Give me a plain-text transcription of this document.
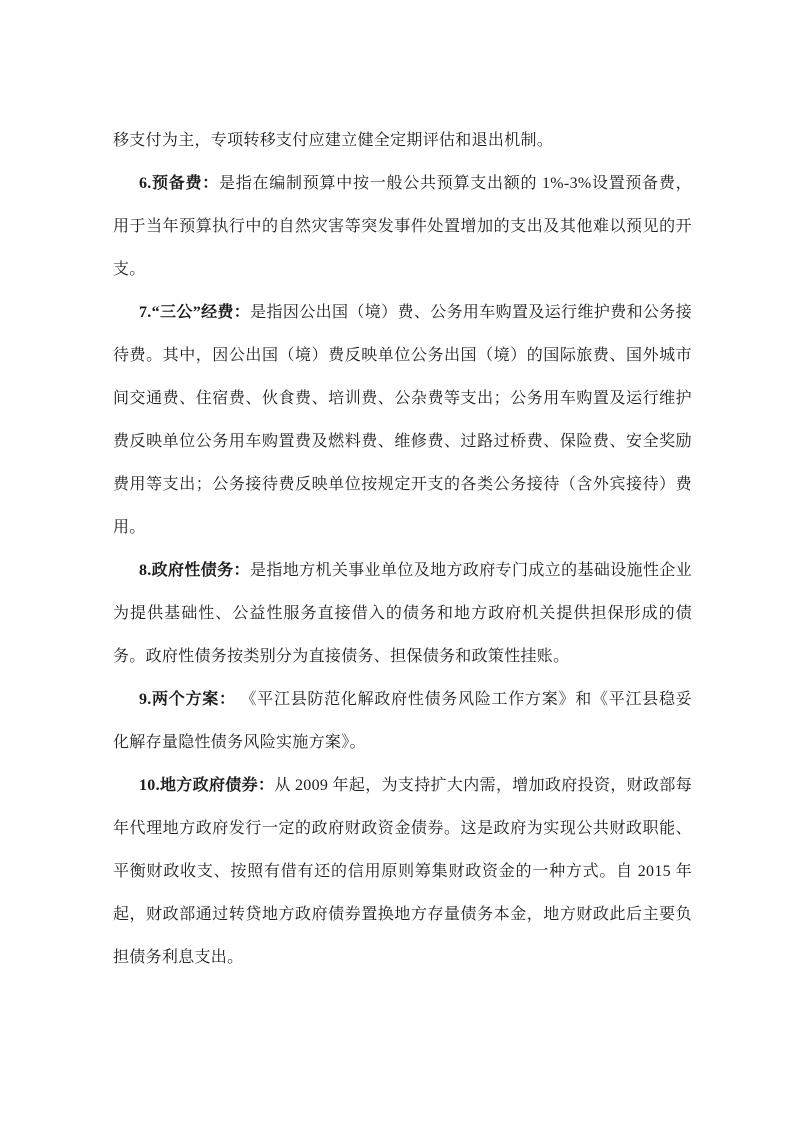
移支付为主，专项转移支付应建立健全定期评估和退出机制。

6.预备费：是指在编制预算中按一般公共预算支出额的 1%-3%设置预备费，用于当年预算执行中的自然灾害等突发事件处置增加的支出及其他难以预见的开支。

7.“三公”经费：是指因公出国（境）费、公务用车购置及运行维护费和公务接待费。其中，因公出国（境）费反映单位公务出国（境）的国际旅费、国外城市间交通费、住宿费、伙食费、培训费、公杂费等支出；公务用车购置及运行维护费反映单位公务用车购置费及燃料费、维修费、过路过桥费、保险费、安全奖励费用等支出；公务接待费反映单位按规定开支的各类公务接待（含外宾接待）费用。

8.政府性债务：是指地方机关事业单位及地方政府专门成立的基础设施性企业为提供基础性、公益性服务直接借入的债务和地方政府机关提供担保形成的债务。政府性债务按类别分为直接债务、担保债务和政策性挂账。

9.两个方案： 《平江县防范化解政府性债务风险工作方案》和《平江县稳妥化解存量隐性债务风险实施方案》。

10.地方政府债券：从 2009 年起，为支持扩大内需，增加政府投资，财政部每年代理地方政府发行一定的政府财政资金债券。这是政府为实现公共财政职能、平衡财政收支、按照有借有还的信用原则筹集财政资金的一种方式。自 2015 年起，财政部通过转贷地方政府债券置换地方存量债务本金，地方财政此后主要负担债务利息支出。
